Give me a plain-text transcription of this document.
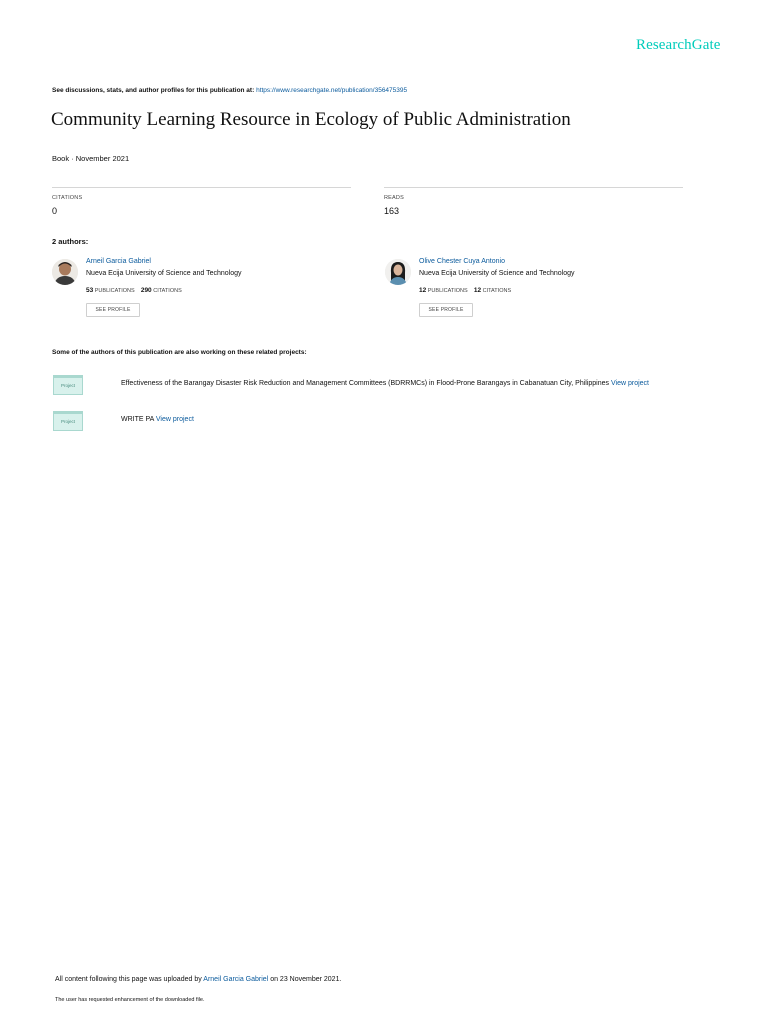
ResearchGate
See discussions, stats, and author profiles for this publication at: https://www.researchgate.net/publication/356475395
Community Learning Resource in Ecology of Public Administration
Book · November 2021
CITATIONS
0
READS
163
2 authors:
Arneil Garcia Gabriel
Nueva Ecija University of Science and Technology
53 PUBLICATIONS 290 CITATIONS
SEE PROFILE
Olive Chester Cuya Antonio
Nueva Ecija University of Science and Technology
12 PUBLICATIONS 12 CITATIONS
SEE PROFILE
Some of the authors of this publication are also working on these related projects:
Project	Effectiveness of the Barangay Disaster Risk Reduction and Management Committees (BDRRMCs) in Flood-Prone Barangays in Cabanatuan City, Philippines View project
Project	WRITE PA View project
All content following this page was uploaded by Arneil Garcia Gabriel on 23 November 2021.
The user has requested enhancement of the downloaded file.
